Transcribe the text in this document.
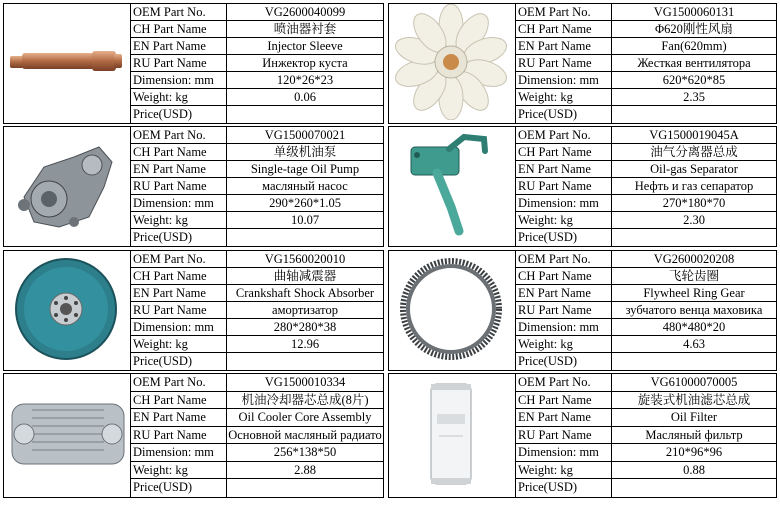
OEM Part No.	VG2600040099
CH Part Name	喷油器衬套
EN Part Name	Injector Sleeve
RU Part Name	Инжектор куста
Dimension: mm	120*26*23
Weight: kg	0.06
Price(USD)
OEM Part No.	VG1500060131
CH Part Name	Φ620刚性风扇
EN Part Name	Fan(620mm)
RU Part Name	Жесткая вентилятора
Dimension: mm	620*620*85
Weight: kg	2.35
Price(USD)
OEM Part No.	VG1500070021
CH Part Name	单级机油泵
EN Part Name	Single-tage Oil Pump
RU Part Name	масляный насос
Dimension: mm	290*260*1.05
Weight: kg	10.07
Price(USD)
OEM Part No.	VG1500019045A
CH Part Name	油气分离器总成
EN Part Name	Oil-gas Separator
RU Part Name	Нефть и газ сепаратор
Dimension: mm	270*180*70
Weight: kg	2.30
Price(USD)
OEM Part No.	VG1560020010
CH Part Name	曲轴减震器
EN Part Name	Crankshaft Shock Absorber
RU Part Name	амортизатор
Dimension: mm	280*280*38
Weight: kg	12.96
Price(USD)
OEM Part No.	VG2600020208
CH Part Name	飞轮齿圈
EN Part Name	Flywheel Ring Gear
RU Part Name	зубчатого венца маховика
Dimension: mm	480*480*20
Weight: kg	4.63
Price(USD)
OEM Part No.	VG1500010334
CH Part Name	机油冷却器芯总成(8片)
EN Part Name	Oil Cooler Core Assembly
RU Part Name	Основной масляный радиато
Dimension: mm	256*138*50
Weight: kg	2.88
Price(USD)
OEM Part No.	VG61000070005
CH Part Name	旋装式机油滤芯总成
EN Part Name	Oil Filter
RU Part Name	Масляный фильтр
Dimension: mm	210*96*96
Weight: kg	0.88
Price(USD)
